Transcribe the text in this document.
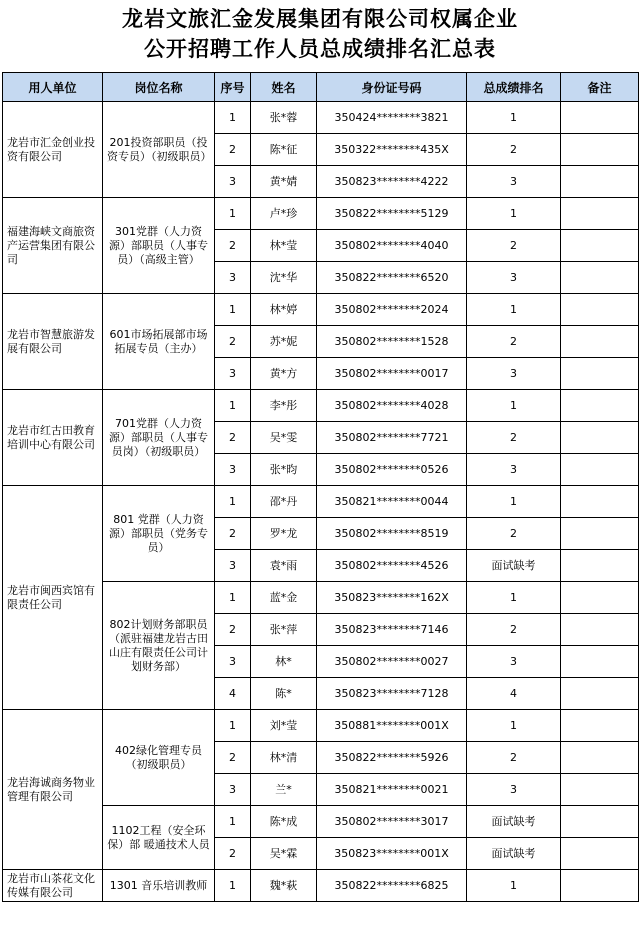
龙岩文旅汇金发展集团有限公司权属企业
公开招聘工作人员总成绩排名汇总表
用人单位	岗位名称	序号	姓名	身份证号码	总成绩排名	备注
龙岩市汇金创业投资有限公司	201投资部职员（投资专员）（初级职员）	1	张*蓉	350424********3821	1	
		2	陈*征	350322********435X	2	
		3	黄*婧	350823********4222	3	
福建海峡文商旅资产运营集团有限公司	301党群（人力资源）部职员（人事专员）（高级主管）	1	卢*珍	350822********5129	1	
		2	林*莹	350802********4040	2	
		3	沈*华	350822********6520	3	
龙岩市智慧旅游发展有限公司	601市场拓展部市场拓展专员（主办）	1	林*婷	350802********2024	1	
		2	苏*妮	350802********1528	2	
		3	黄*方	350802********0017	3	
龙岩市红古田教育培训中心有限公司	701党群（人力资源）部职员（人事专员岗）（初级职员）	1	李*彤	350802********4028	1	
		2	吴*雯	350802********7721	2	
		3	张*昀	350802********0526	3	
龙岩市闽西宾馆有限责任公司	801 党群（人力资源）部职员（党务专员）	1	邵*丹	350821********0044	1	
		2	罗*龙	350802********8519	2	
		3	袁*雨	350802********4526	面试缺考	
	802计划财务部职员（派驻福建龙岩古田山庄有限责任公司计划财务部）	1	蓝*金	350823********162X	1	
		2	张*萍	350823********7146	2	
		3	林*	350802********0027	3	
		4	陈*	350823********7128	4	
龙岩海诚商务物业管理有限公司	402绿化管理专员（初级职员）	1	刘*莹	350881********001X	1	
		2	林*清	350822********5926	2	
		3	兰*	350821********0021	3	
	1102工程（安全环保）部 暖通技术人员	1	陈*成	350802********3017	面试缺考	
		2	吴*霖	350823********001X	面试缺考	
龙岩市山茶花文化传媒有限公司	1301 音乐培训教师	1	魏*萩	350822********6825	1	
